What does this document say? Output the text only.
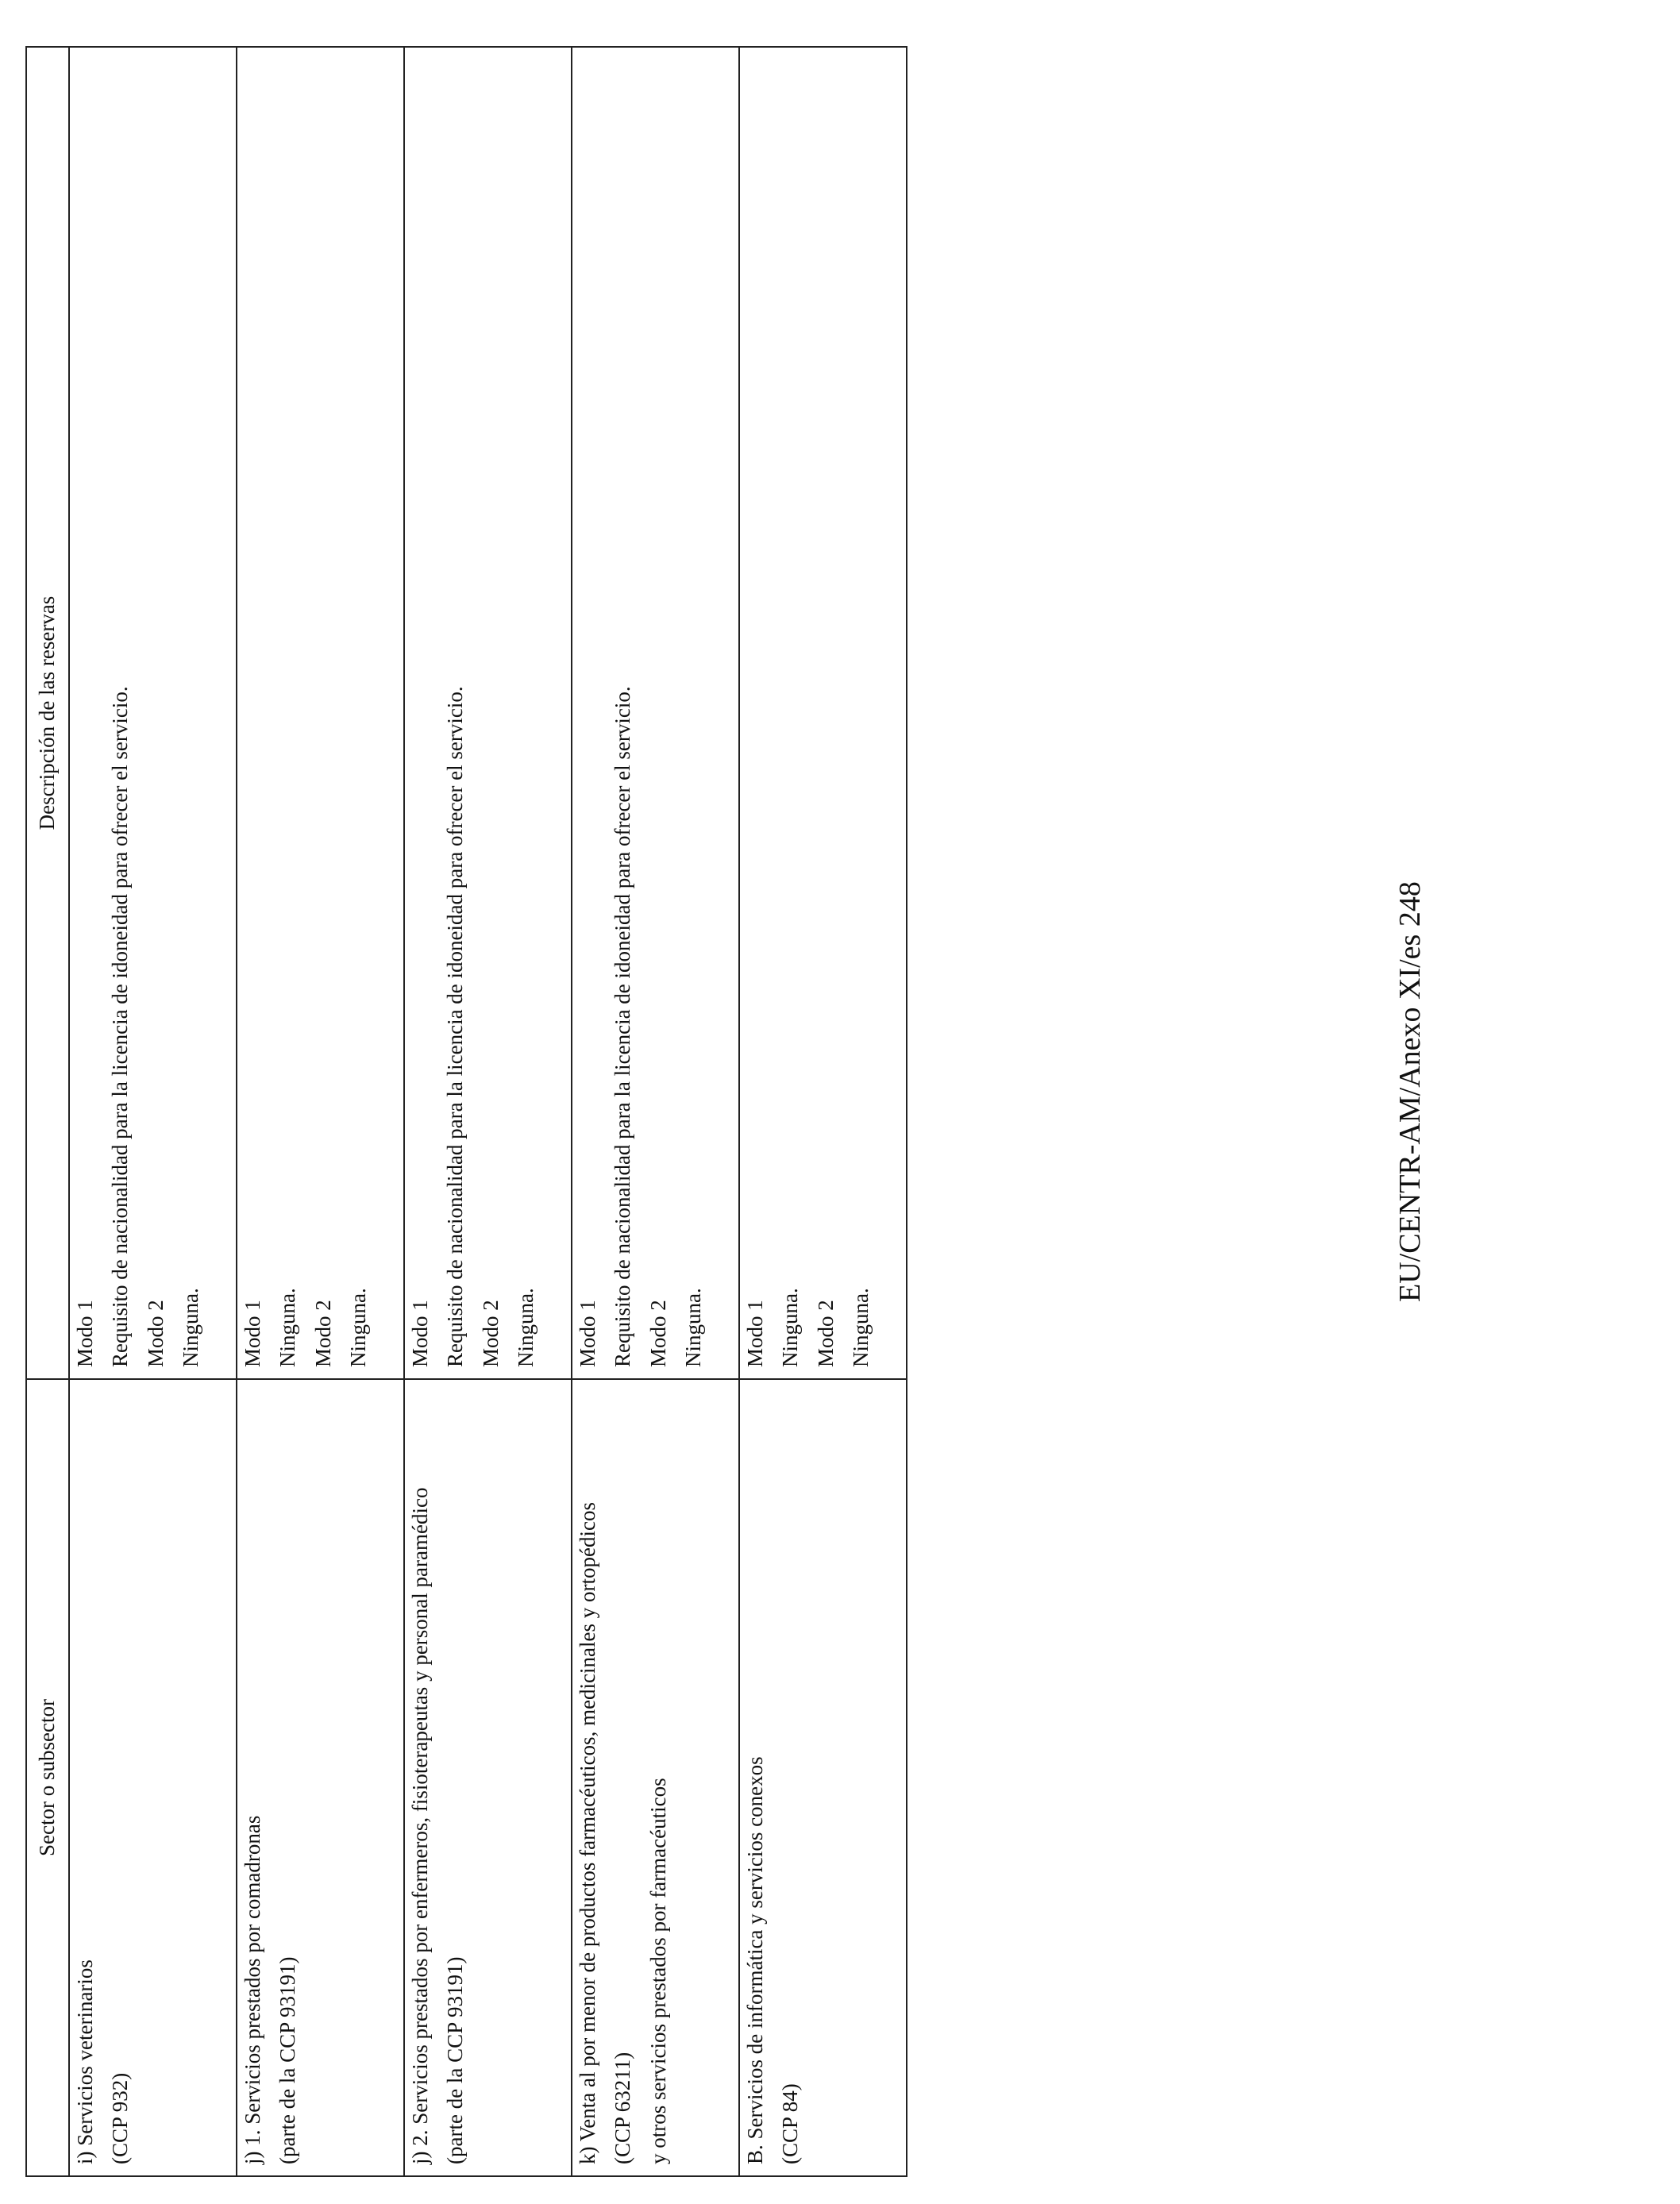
Sector o subsector	Descripción de las reservas

i) Servicios veterinarios (CCP 932)	Modo 1 Requisito de nacionalidad para la licencia de idoneidad para ofrecer el servicio. Modo 2 Ninguna.

j) 1. Servicios prestados por comadronas (parte de la CCP 93191)	Modo 1 Ninguna. Modo 2 Ninguna.

j) 2. Servicios prestados por enfermeros, fisioterapeutas y personal paramédico (parte de la CCP 93191)	Modo 1 Requisito de nacionalidad para la licencia de idoneidad para ofrecer el servicio. Modo 2 Ninguna.

k) Venta al por menor de productos farmacéuticos, medicinales y ortopédicos (CCP 63211) y otros servicios prestados por farmacéuticos	Modo 1 Requisito de nacionalidad para la licencia de idoneidad para ofrecer el servicio. Modo 2 Ninguna.

B. Servicios de informática y servicios conexos (CCP 84)	Modo 1 Ninguna. Modo 2 Ninguna.
EU/CENTR-AM/Anexo XI/es 248
